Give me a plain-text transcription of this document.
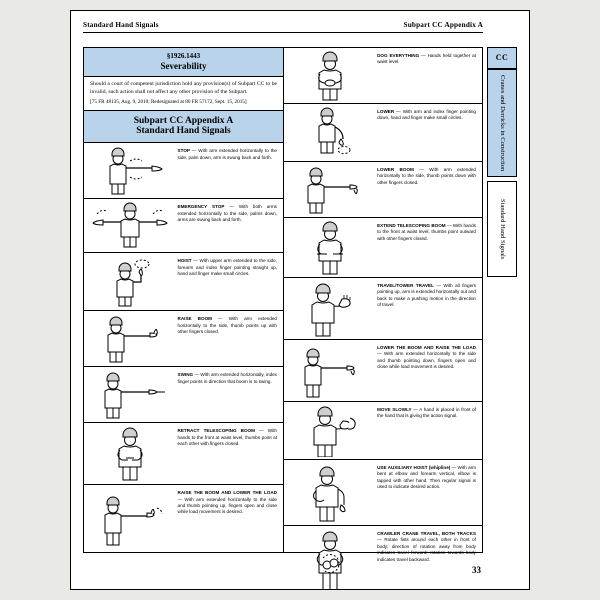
Standard Hand Signals	Subpart CC Appendix A
CC
Cranes and Derricks in Construction
Standard Hand Signals
§1926.1443
Severability
Should a court of competent jurisdiction hold any provision(s) of Subpart CC to be invalid, such action shall not affect any other provision of the Subpart.
[75 FR 48135, Aug. 9, 2010; Redesignated at 80 FR 57172, Sept. 15, 2015]
Subpart CC Appendix A
Standard Hand Signals
STOP — With arm extended horizontally to the side, palm down, arm is swung back and forth.
EMERGENCY STOP — With both arms extended horizontally to the side, palms down, arms are swung back and forth.
HOIST — With upper arm extended to the side, forearm and index finger pointing straight up, hand and finger make small circles.
RAISE BOOM — With arm extended horizontally to the side, thumb points up with other fingers closed.
SWING — With arm extended horizontally, index finger points in direction that boom is to swing.
RETRACT TELESCOPING BOOM — With hands to the front at waist level, thumbs point at each other with fingers closed.
RAISE THE BOOM AND LOWER THE LOAD — With arm extended horizontally to the side and thumb pointing up, fingers open and close while load movement is desired.
DOG EVERYTHING — Hands held together at waist level.
LOWER — With arm and index finger pointing down, hand and finger make small circles.
LOWER BOOM — With arm extended horizontally to the side, thumb points down with other fingers closed.
EXTEND TELESCOPING BOOM — With hands to the front at waist level, thumbs point outward with other fingers closed.
TRAVEL/TOWER TRAVEL — With all fingers pointing up, arm is extended horizontally out and back to make a pushing motion in the direction of travel.
LOWER THE BOOM AND RAISE THE LOAD — With arm extended horizontally to the side and thumb pointing down, fingers open and close while load movement is desired.
MOVE SLOWLY — A hand is placed in front of the hand that is giving the action signal.
USE AUXILIARY HOIST (whipline) — With arm bent at elbow and forearm vertical, elbow is tapped with other hand. Then regular signal is used to indicate desired action.
CRAWLER CRANE TRAVEL, BOTH TRACKS — Rotate fists around each other in front of body; direction of rotation away from body indicates travel forward; rotation towards body indicates travel backward.
33
